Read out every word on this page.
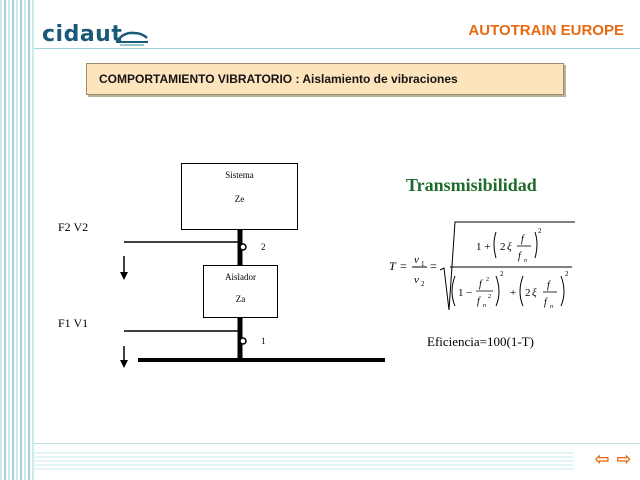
cidaut	AUTOTRAIN EUROPE
COMPORTAMIENTO VIBRATORIO : Aislamiento de vibraciones
T = v 1
v 2
=
1 + 2 ξ
f
f n
2
1 −
f 2
f n
2
2
+ 2 ξ
f
f n
2
Sistema
Ze
Aislador
Za
F2 V2
F1 V1
2
1
Transmisibilidad
Eficiencia=100(1-T)
⇦ ⇨
